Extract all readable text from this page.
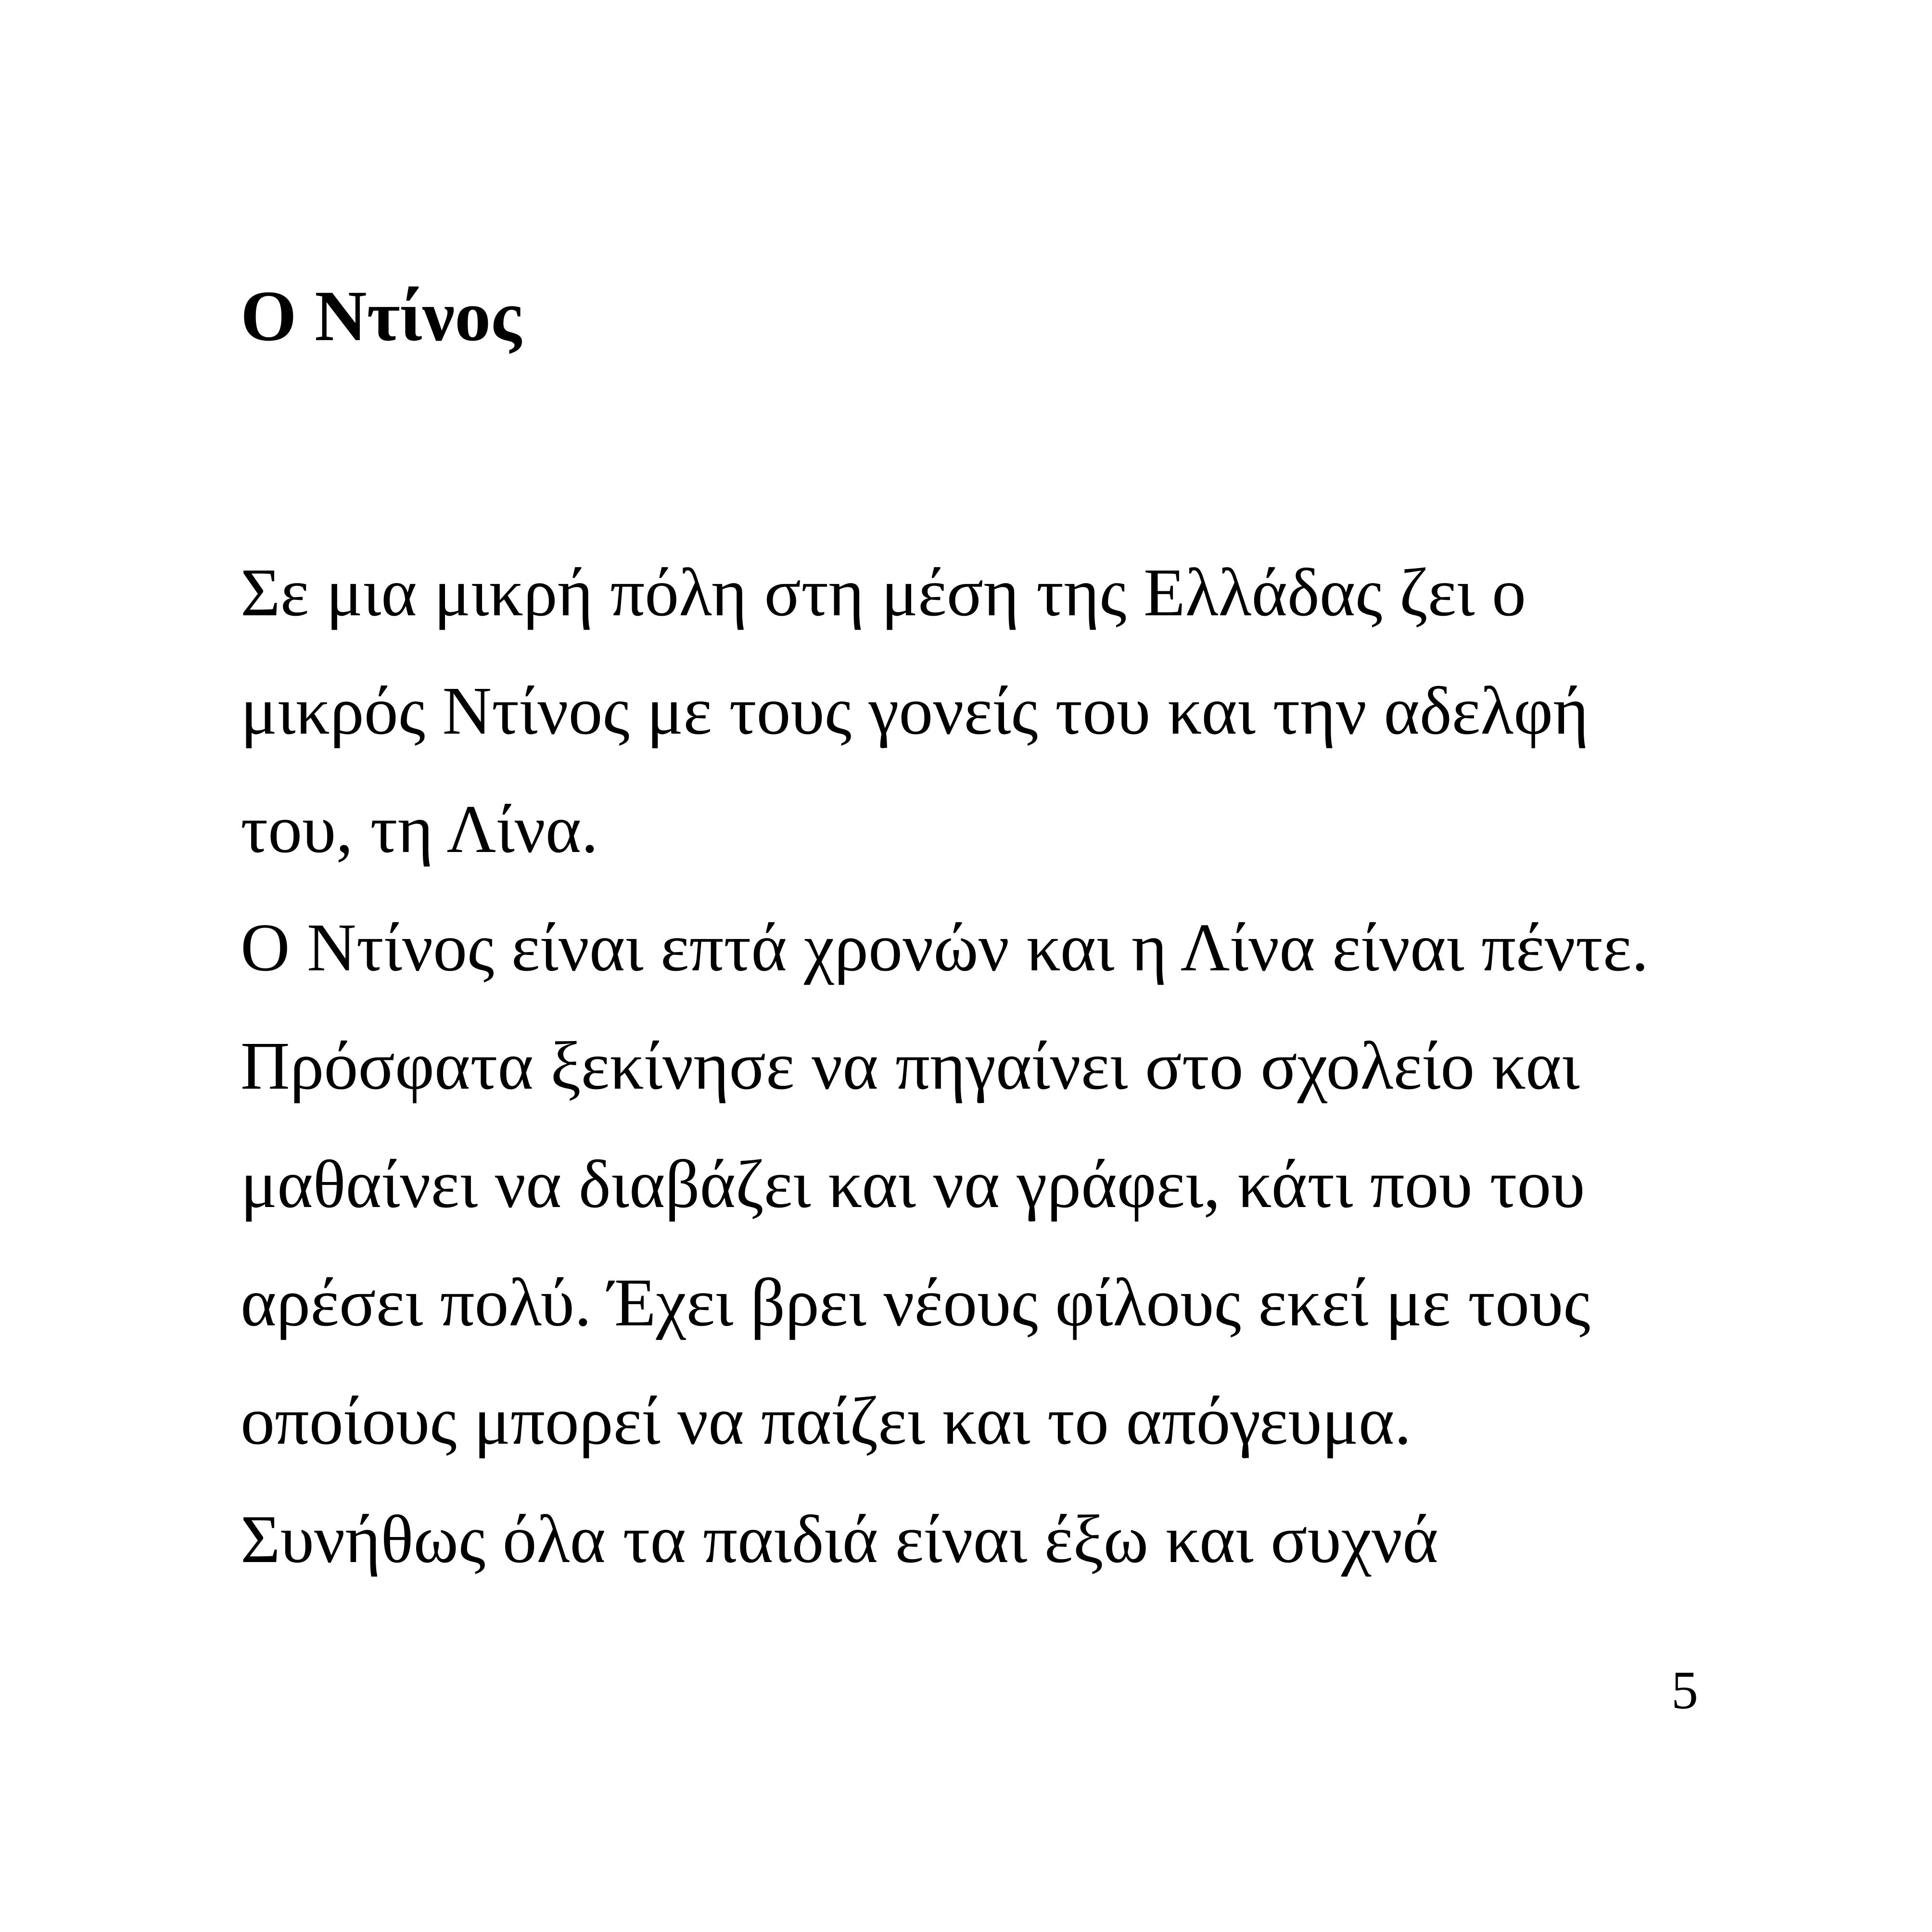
Ο Ντίνος
Σε μια μικρή πόλη στη μέση της Ελλάδας ζει ο
μικρός Ντίνος με τους γονείς του και την αδελφή
του, τη Λίνα.
Ο Ντίνος είναι επτά χρονών και η Λίνα είναι πέντε.
Πρόσφατα ξεκίνησε να πηγαίνει στο σχολείο και
μαθαίνει να διαβάζει και να γράφει, κάτι που του
αρέσει πολύ. Έχει βρει νέους φίλους εκεί με τους
οποίους μπορεί να παίζει και το απόγευμα.
Συνήθως όλα τα παιδιά είναι έξω και συχνά
5
